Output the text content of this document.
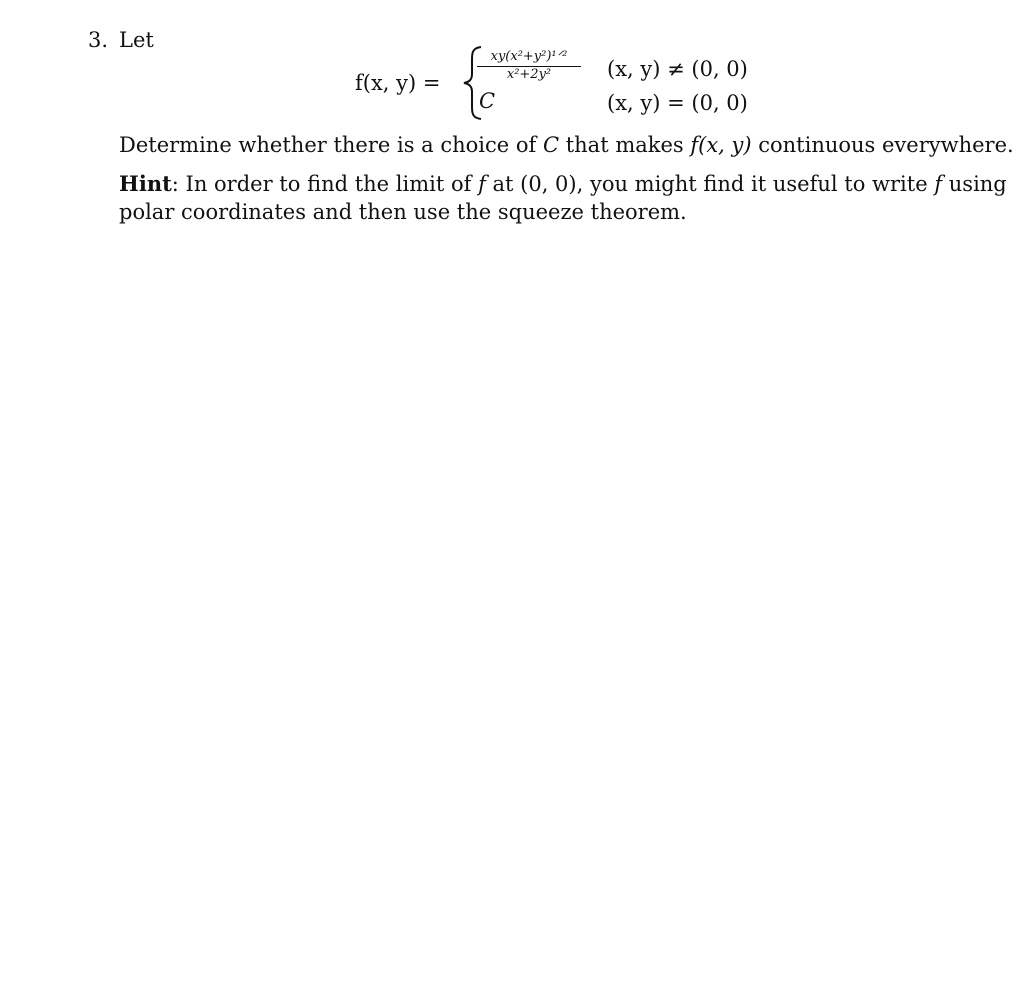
3. Let
f(x, y) =
xy(x²+y²)¹ᐟ²
x²+2y²	(x, y) ≠ (0, 0)
C	(x, y) = (0, 0)
Determine whether there is a choice of C that makes f(x, y) continuous everywhere.
Hint: In order to find the limit of f at (0, 0), you might find it useful to write f using
polar coordinates and then use the squeeze theorem.
